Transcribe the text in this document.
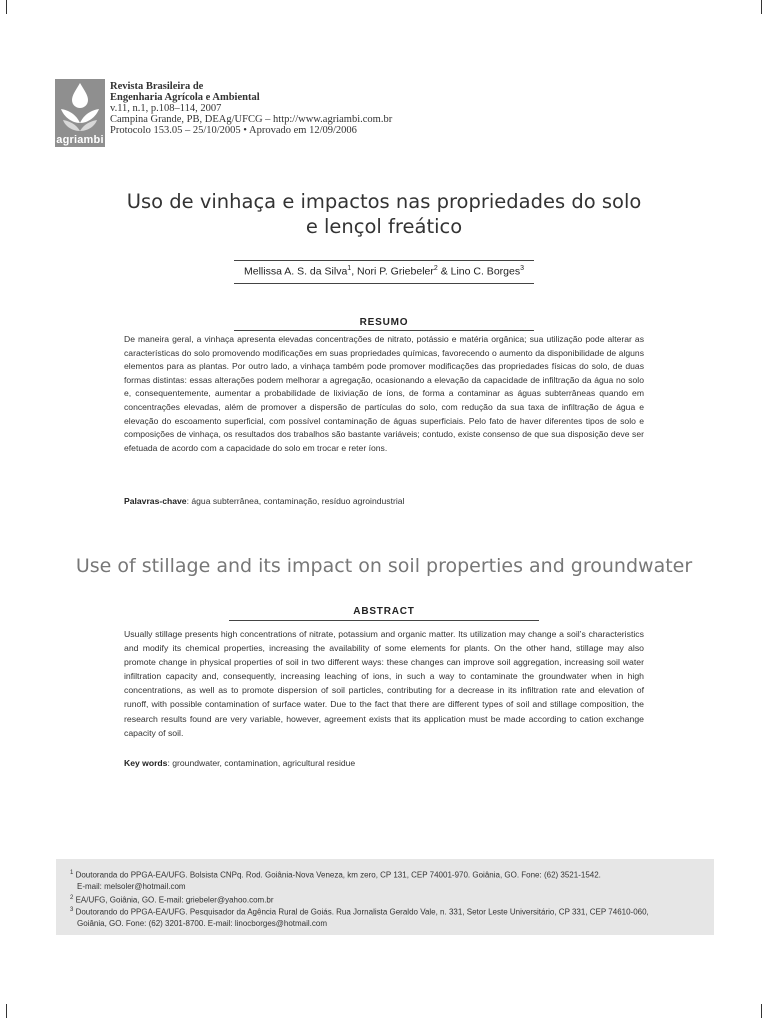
agriambi
Revista Brasileira de
Engenharia Agrícola e Ambiental
v.11, n.1, p.108–114, 2007
Campina Grande, PB, DEAg/UFCG – http://www.agriambi.com.br
Protocolo 153.05 – 25/10/2005 • Aprovado em 12/09/2006
Uso de vinhaça e impactos nas propriedades do solo
e lençol freático
Mellissa A. S. da Silva$^1$, Nori P. Griebeler$^2$ & Lino C. Borges$^3$
RESUMO
De maneira geral, a vinhaça apresenta elevadas concentrações de nitrato, potássio e matéria orgânica; sua utilização pode alterar as características do solo promovendo modificações em suas propriedades químicas, favorecendo o aumento da disponibilidade de alguns elementos para as plantas. Por outro lado, a vinhaça também pode promover modificações das propriedades físicas do solo, de duas formas distintas: essas alterações podem melhorar a agregação, ocasionando a elevação da capacidade de infiltração da água no solo e, consequentemente, aumentar a probabilidade de lixiviação de íons, de forma a contaminar as águas subterrâneas quando em concentrações elevadas, além de promover a dispersão de partículas do solo, com redução da sua taxa de infiltração de água e elevação do escoamento superficial, com possível contaminação de águas superficiais. Pelo fato de haver diferentes tipos de solo e composições de vinhaça, os resultados dos trabalhos são bastante variáveis; contudo, existe consenso de que sua disposição deve ser efetuada de acordo com a capacidade do solo em trocar e reter íons.
Palavras-chave: água subterrânea, contaminação, resíduo agroindustrial
Use of stillage and its impact on soil properties and groundwater
ABSTRACT
Usually stillage presents high concentrations of nitrate, potassium and organic matter. Its utilization may change a soil’s characteristics and modify its chemical properties, increasing the availability of some elements for plants. On the other hand, stillage may also promote change in physical properties of soil in two different ways: these changes can improve soil aggregation, increasing soil water infiltration capacity and, consequently, increasing leaching of ions, in such a way to contaminate the groundwater when in high concentrations, as well as to promote dispersion of soil particles, contributing for a decrease in its infiltration rate and elevation of runoff, with possible contamination of surface water. Due to the fact that there are different types of soil and stillage composition, the research results found are very variable, however, agreement exists that its application must be made according to cation exchange capacity of soil.
Key words: groundwater, contamination, agricultural residue
$^1$ Doutoranda do PPGA-EA/UFG. Bolsista CNPq. Rod. Goiânia-Nova Veneza, km zero, CP 131, CEP 74001-970. Goiânia, GO. Fone: (62) 3521-1542.
E-mail: melsoler@hotmail.com
$^2$ EA/UFG, Goiânia, GO. E-mail: griebeler@yahoo.com.br
$^3$ Doutorando do PPGA-EA/UFG. Pesquisador da Agência Rural de Goiás. Rua Jornalista Geraldo Vale, n. 331, Setor Leste Universitário, CP 331, CEP 74610-060,
Goiânia, GO. Fone: (62) 3201-8700. E-mail: linocborges@hotmail.com
